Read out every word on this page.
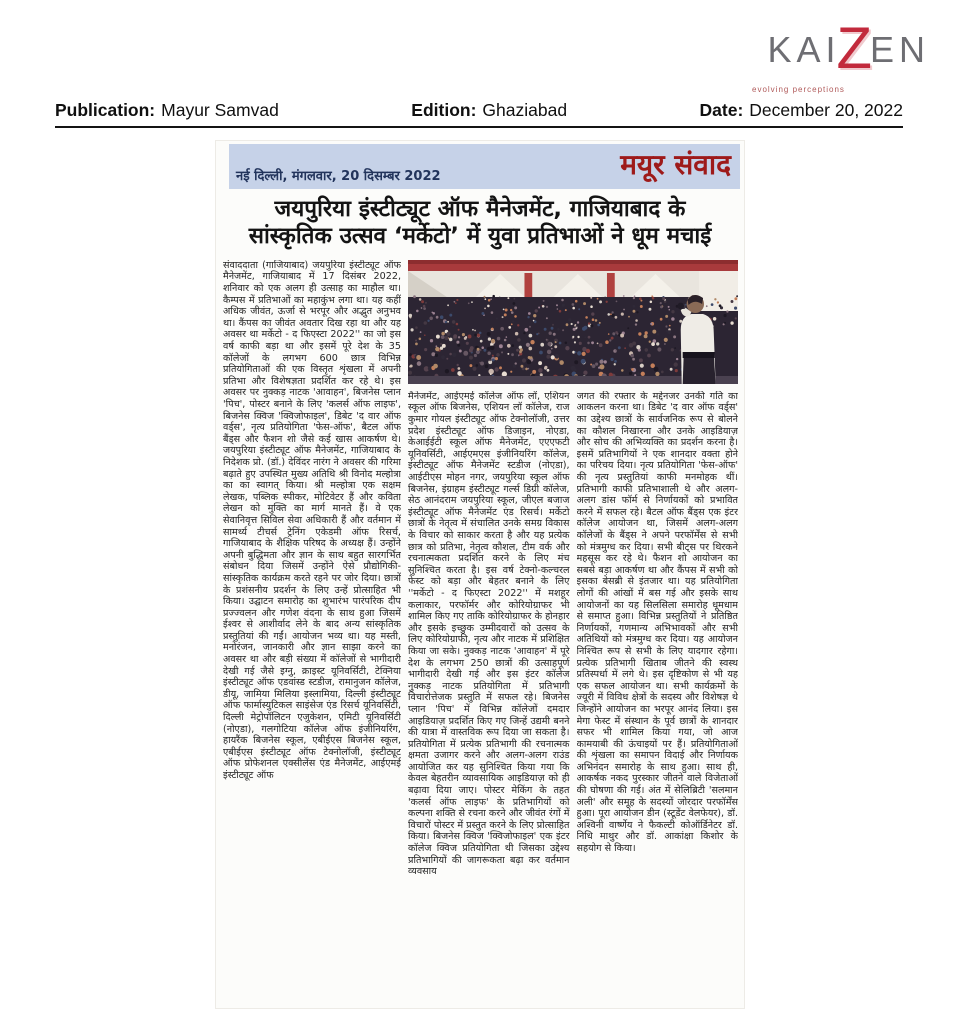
KAI
Z
EN
evolving perceptions
Publication: Mayur Samvad	Edition: Ghaziabad	Date: December 20, 2022
नई दिल्ली, मंगलवार, 20 दिसम्बर 2022	मयूर संवाद
जयपुरिया इंस्टीट्यूट ऑफ मैनेजमेंट, गाजियाबाद के
सांस्कृतिक उत्सव ‘मर्केटो’ में युवा प्रतिभाओं ने धूम मचाई
संवाददाता (गाजियाबाद) जयपुरिया इंस्टीट्यूट ऑफ मैनेजमेंट, गाजियाबाद में 17 दिसंबर 2022, शनिवार को एक अलग ही उत्साह का माहौल था। कैम्पस में प्रतिभाओं का महाकुंभ लगा था। यह कहीं अधिक जीवंत, ऊर्जा से भरपूर और अद्भुत अनुभव था। कैंपस का जीवंत अवतार दिख रहा था और यह अवसर था मर्केटो - द फिएस्टा 2022'' का जो इस वर्ष काफी बड़ा था और इसमें पूरे देश के 35 कॉलेजों के लगभग 600 छात्र विभिन्न प्रतियोगिताओं की एक विस्तृत शृंखला में अपनी प्रतिभा और विशेषज्ञता प्रदर्शित कर रहे थे। इस अवसर पर नुक्कड़ नाटक 'आवाहन', बिजनेस प्लान 'पिच', पोस्टर बनाने के लिए 'कलर्स ऑफ लाइफ', बिजनेस क्विज 'क्विजोफाइल', डिबेट 'द वार ऑफ वर्ड्स', नृत्य प्रतियोगिता 'फेस-ऑफ', बैटल ऑफ बैंड्स और फैशन शो जैसे कई खास आकर्षण थे। जयपुरिया इंस्टीट्यूट ऑफ मैनेजमेंट, गाजियाबाद के निदेशक प्रो. (डॉ.) देविंदर नारंग ने अवसर की गरिमा बढ़ाते हुए उपस्थित मुख्य अतिथि श्री विनोद मल्होत्रा का का स्वागत् किया। श्री मल्होत्रा एक सक्षम लेखक, पब्लिक स्पीकर, मोटिवेटर हैं और कविता लेखन को मुक्ति का मार्ग मानते हैं। वे एक सेवानिवृत्त सिविल सेवा अधिकारी हैं और वर्तमान में सामर्थ्य टीचर्स ट्रेनिंग एकेडमी ऑफ रिसर्च, गाजियाबाद के शैक्षिक परिषद के अध्यक्ष हैं। उन्होंने अपनी बुद्धिमता और ज्ञान के साथ बहुत सारगर्भित संबोधन दिया जिसमें उन्होंने ऐसे प्रौद्योगिकी-सांस्कृतिक कार्यक्रम करते रहने पर जोर दिया। छात्रों के प्रशंसनीय प्रदर्शन के लिए उन्हें प्रोत्साहित भी किया। उद्घाटन समारोह का शुभारंभ पारंपरिक दीप प्रज्ज्वलन और गणेश वंदना के साथ हुआ जिसमें ईश्वर से आशीर्वाद लेने के बाद अन्य सांस्कृतिक प्रस्तुतियां की गईं। आयोजन भव्य था। यह मस्ती, मनोरंजन, जानकारी और ज्ञान साझा करने का अवसर था और बड़ी संख्या में कॉलेजों से भागीदारी देखी गई जैसे इग्नु, क्राइस्ट यूनिवर्सिटी, टेक्निया इंस्टीट्यूट ऑफ एडवांस्ड स्टडीज, रामानुजन कॉलेज, डीयू, जामिया मिलिया इस्लामिया, दिल्ली इंस्टीट्यूट ऑफ फार्मास्युटिकल साइंसेज एंड रिसर्च यूनिवर्सिटी, दिल्ली मेट्रोपॉलिटन एजुकेशन, एमिटी यूनिवर्सिटी (नोएडा), गलगोटिया कॉलेज ऑफ इंजीनियरिंग, हायरैंक बिजनेस स्कूल, एबीईएस बिजनेस स्कूल, एबीईएस इंस्टीट्यूट ऑफ टेक्नोलॉजी, इंस्टीट्यूट ऑफ प्रोफेशनल एक्सीलेंस एंड मैनेजमेंट, आईएमई इंस्टीट्यूट ऑफ
मैनेजमेंट, आईएमई कॉलेज ऑफ लॉ, एशियन स्कूल ऑफ बिजनेस, एशियन लॉ कॉलेज, राज कुमार गोयल इंस्टीट्यूट ऑफ टेक्नोलॉजी, उत्तर प्रदेश इंस्टीट्यूट ऑफ डिजाइन, नोएडा, केआईईटी स्कूल ऑफ मैनेजमेंट, एएएफटी यूनिवर्सिटी, आईएमएस इंजीनियरिंग कॉलेज, इंस्टीट्यूट ऑफ मैनेजमेंट स्टडीज (नोएडा), आईटीएस मोहन नगर, जयपुरिया स्कूल ऑफ बिजनेस, इंग्राहम इंस्टीट्यूट गर्ल्स डिग्री कॉलेज, सेठ आनंदराम जयपुरिया स्कूल, जीएल बजाज इंस्टीट्यूट ऑफ मैनेजमेंट एंड रिसर्च। मर्केटो छात्रों के नेतृत्व में संचालित उनके समग्र विकास के विचार को साकार करता है और यह प्रत्येक छात्र को प्रतिभा, नेतृत्व कौशल, टीम वर्क और रचनात्मकता प्रदर्शित करने के लिए मंच सुनिश्चित करता है। इस वर्ष टेक्नो-कल्चरल फेस्ट को बड़ा और बेहतर बनाने के लिए ''मर्केटो - द फिएस्टा 2022'' में मशहूर कलाकार, परफॉर्मर और कोरियोग्राफर भी शामिल किए गए ताकि कोरियोग्राफर के होनहार और इसके इच्छुक उम्मीदवारों को उत्सव के लिए कोरियोग्राफी, नृत्य और नाटक में प्रशिक्षित किया जा सके। नुक्कड़ नाटक 'आवाहन' में पूरे देश के लगभग 250 छात्रों की उत्साहपूर्ण भागीदारी देखी गई और इस इंटर कॉलेज नुक्कड़ नाटक प्रतियोगिता में प्रतिभागी विचारोत्तेजक प्रस्तुति में सफल रहे। बिजनेस प्लान 'पिच' में विभिन्न कॉलेजों दमदार आइडियाज़ प्रदर्शित किए गए जिन्हें उद्यमी बनने की यात्रा में वास्तविक रूप दिया जा सकता है। प्रतियोगिता में प्रत्येक प्रतिभागी की रचनात्मक क्षमता उजागर करने और अलग-अलग राउंड आयोजित कर यह सुनिश्चित किया गया कि केवल बेहतरीन व्यावसायिक आइडियाज़ को ही बढ़ावा दिया जाए। पोस्टर मेकिंग के तहत 'कलर्स ऑफ लाइफ' के प्रतिभागियों को कल्पना शक्ति से रचना करने और जीवंत रंगों में विचारों पोस्टर में प्रस्तुत करने के लिए प्रोत्साहित किया। बिजनेस क्विज 'क्विजोफाइल' एक इंटर कॉलेज क्विज प्रतियोगिता थी जिसका उद्देश्य प्रतिभागियों की जागरूकता बढ़ा कर वर्तमान व्यवसाय
जगत की रफ्तार के मद्देनजर उनकी गति का आकलन करना था। डिबेट 'द वार ऑफ वर्ड्स' का उद्देश्य छात्रों के सार्वजनिक रूप से बोलने का कौशल निखारना और उनके आइडियाज़ और सोच की अभिव्यक्ति का प्रदर्शन करना है। इसमें प्रतिभागियों ने एक शानदार वक्ता होने का परिचय दिया। नृत्य प्रतियोगिता 'फेस-ऑफ' की नृत्य प्रस्तुतियां काफी मनमोहक थीं। प्रतिभागी काफी प्रतिभाशाली थे और अलग-अलग डांस फॉर्म से निर्णायकों को प्रभावित करने में सफल रहे। बैटल ऑफ बैंड्स एक इंटर कॉलेज आयोजन था, जिसमें अलग-अलग कॉलेजों के बैंड्स ने अपने परफॉर्मेंस से सभी को मंत्रमुग्ध कर दिया। सभी बीट्स पर थिरकने महसूस कर रहे थे। फैशन शो आयोजन का सबसे बड़ा आकर्षण था और कैंपस में सभी को इसका बेसब्री से इंतजार था। यह प्रतियोगिता लोगों की आंखों में बस गई और इसके साथ आयोजनों का यह सिलसिला समारोह धूमधाम से समाप्त हुआ। विभिन्न प्रस्तुतियों ने प्रतिष्ठित निर्णायकों, गणमान्य अभिभावकों और सभी अतिथियों को मंत्रमुग्ध कर दिया। यह आयोजन निश्चित रूप से सभी के लिए यादगार रहेगा। प्रत्येक प्रतिभागी खिताब जीतने की स्वस्थ प्रतिस्पर्धा में लगे थे। इस दृष्टिकोण से भी यह एक सफल आयोजन था। सभी कार्यक्रमों के ज्यूरी में विविध क्षेत्रों के सदस्य और विशेषज्ञ थे जिन्होंने आयोजन का भरपूर आनंद लिया। इस मेगा फेस्ट में संस्थान के पूर्व छात्रों के शानदार सफर भी शामिल किया गया, जो आज कामयाबी की ऊंचाइयों पर हैं। प्रतियोगिताओं की शृंखला का समापन विदाई और निर्णायक अभिनंदन समारोह के साथ हुआ। साथ ही, आकर्षक नकद पुरस्कार जीतने वाले विजेताओं की घोषणा की गई। अंत में सेलिब्रिटी 'सलमान अली' और समूह के सदस्यों जोरदार परफॉर्मेंस हुआ। पूरा आयोजन डीन (स्टूडेंट वेलफेयर), डॉ. अश्विनी वार्ष्णेय ने फैकल्टी कोऑर्डिनेटर डॉ. निधि माथुर और डॉ. आकांक्षा किशोर के सहयोग से किया।
